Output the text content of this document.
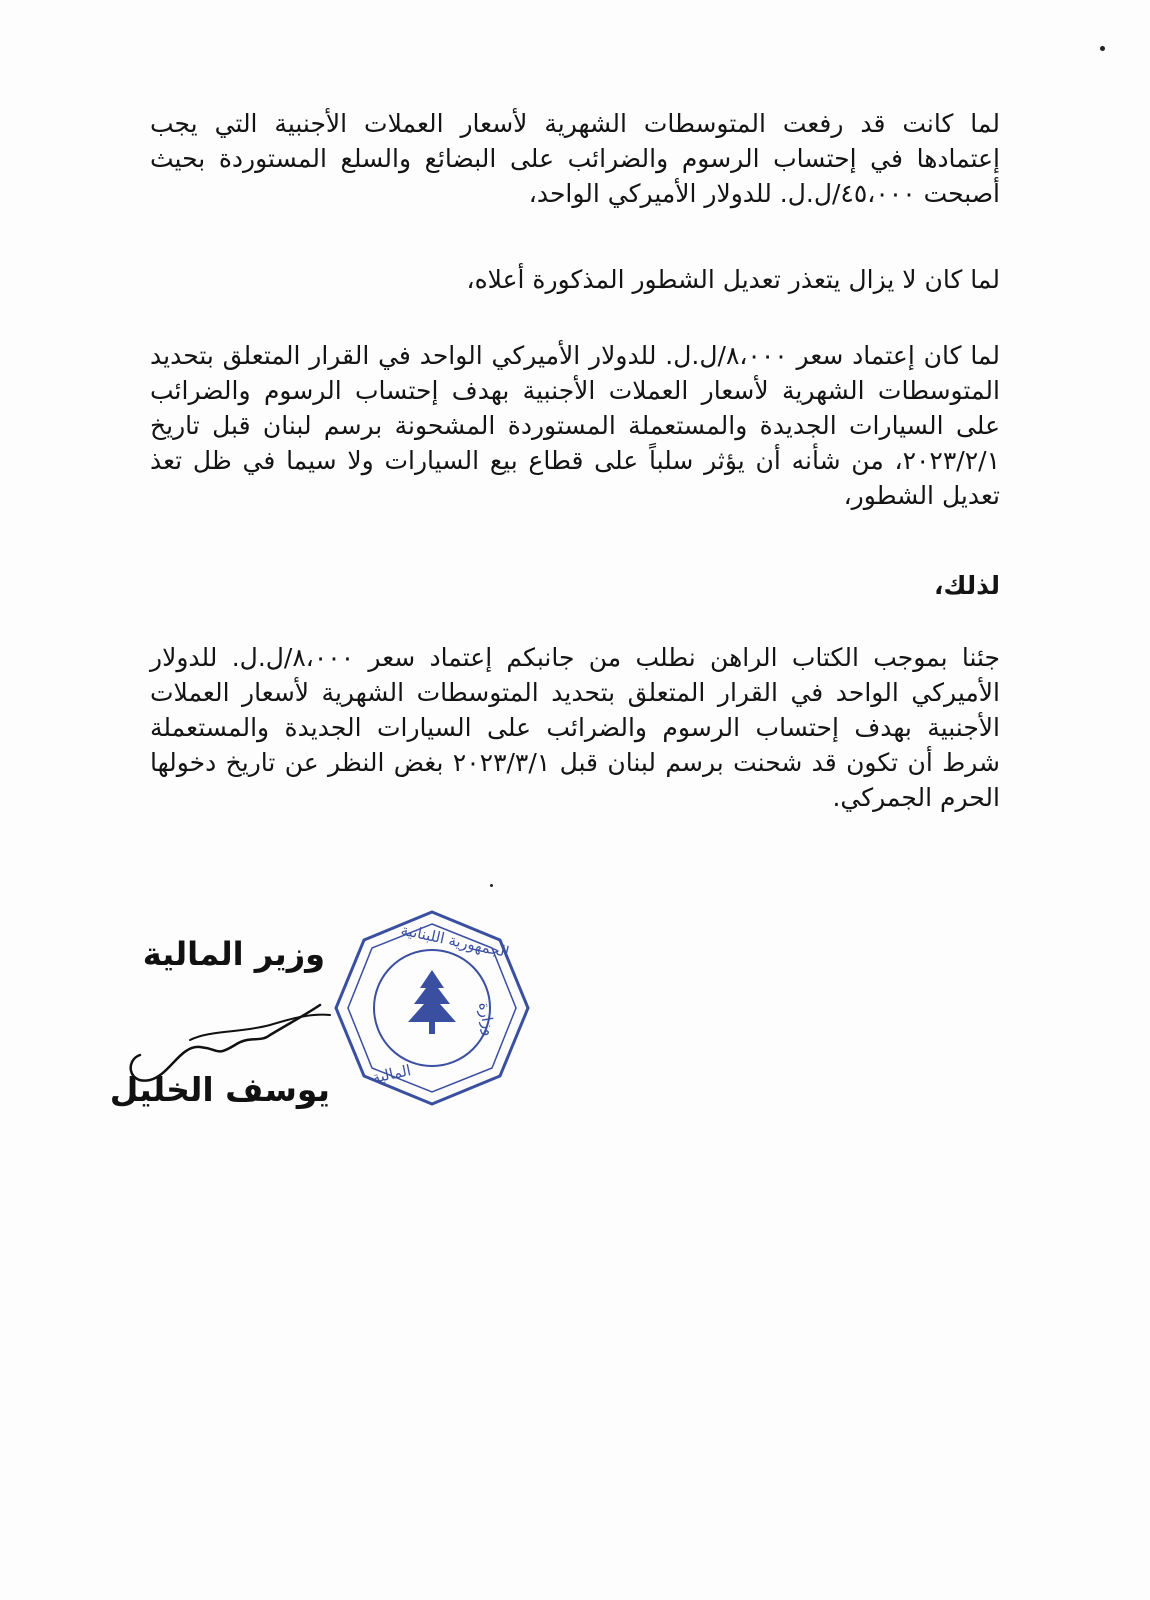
لما كانت قد رفعت المتوسطات الشهرية لأسعار العملات الأجنبية التي يجب إعتمادها في إحتساب الرسوم والضرائب على البضائع والسلع المستوردة بحيث أصبحت ٤٥،٠٠٠/ل.ل. للدولار الأميركي الواحد،

لما كان لا يزال يتعذر تعديل الشطور المذكورة أعلاه،

لما كان إعتماد سعر ٨،٠٠٠/ل.ل. للدولار الأميركي الواحد في القرار المتعلق بتحديد المتوسطات الشهرية لأسعار العملات الأجنبية بهدف إحتساب الرسوم والضرائب على السيارات الجديدة والمستعملة المستوردة المشحونة برسم لبنان قبل تاريخ ٢٠٢٣/٢/١، من شأنه أن يؤثر سلباً على قطاع بيع السيارات ولا سيما في ظل تعذ تعديل الشطور،

لذلك،

جئنا بموجب الكتاب الراهن نطلب من جانبكم إعتماد سعر ٨،٠٠٠/ل.ل. للدولار الأميركي الواحد في القرار المتعلق بتحديد المتوسطات الشهرية لأسعار العملات الأجنبية بهدف إحتساب الرسوم والضرائب على السيارات الجديدة والمستعملة شرط أن تكون قد شحنت برسم لبنان قبل ٢٠٢٣/٣/١ بغض النظر عن تاريخ دخولها الحرم الجمركي.

الجمهورية اللبنانية
وزارة
المالية
وزير المالية
يوسف الخليل
